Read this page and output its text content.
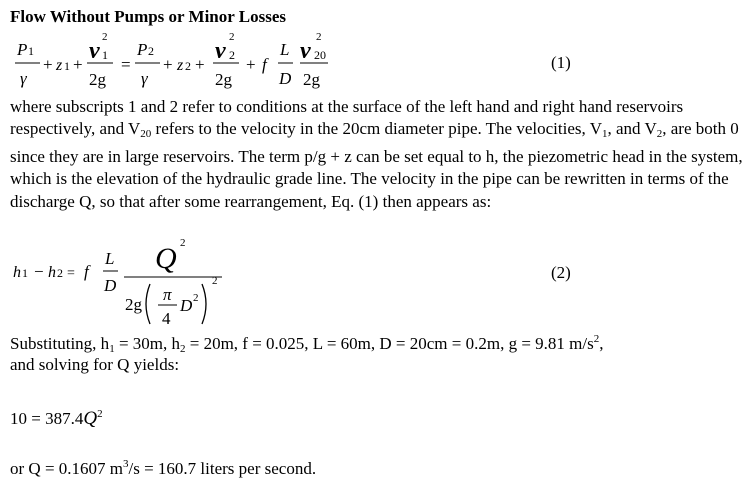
Flow Without Pumps or Minor Losses
P 1
γ
+ z 1 +
v
2
1
2g
=
P 2
γ
+ z 2 +
v
2
2
2g
+ f
L
D
v
2
20
2g
(1)

where subscripts 1 and 2 refer to conditions at the surface of the left hand and right hand reservoirs respectively, and $V_{20}$ refers to the velocity in the 20cm diameter pipe. The velocities, $V_1$, and $V_2$, are both 0 since they are in large reservoirs. The term p/g + z can be set equal to h, the piezometric head in the system, which is the elevation of the hydraulic grade line. The velocity in the pipe can be rewritten in terms of the discharge Q, so that after some rearrangement, Eq. (1) then appears as:

h 1 − h 2 = f
L
D
Q 2
2g
π
4
D 2
2	(2)
Substituting, $h_1 = 30m$, $h_2 = 20m$, f = 0.025, L = 60m, D = 20cm = 0.2m, g = 9.81 $m/s^2$,
and solving for Q yields:
$10 = 387.4Q^2$
or Q = 0.1607 $m^3/s = 160.7$ liters per second.
